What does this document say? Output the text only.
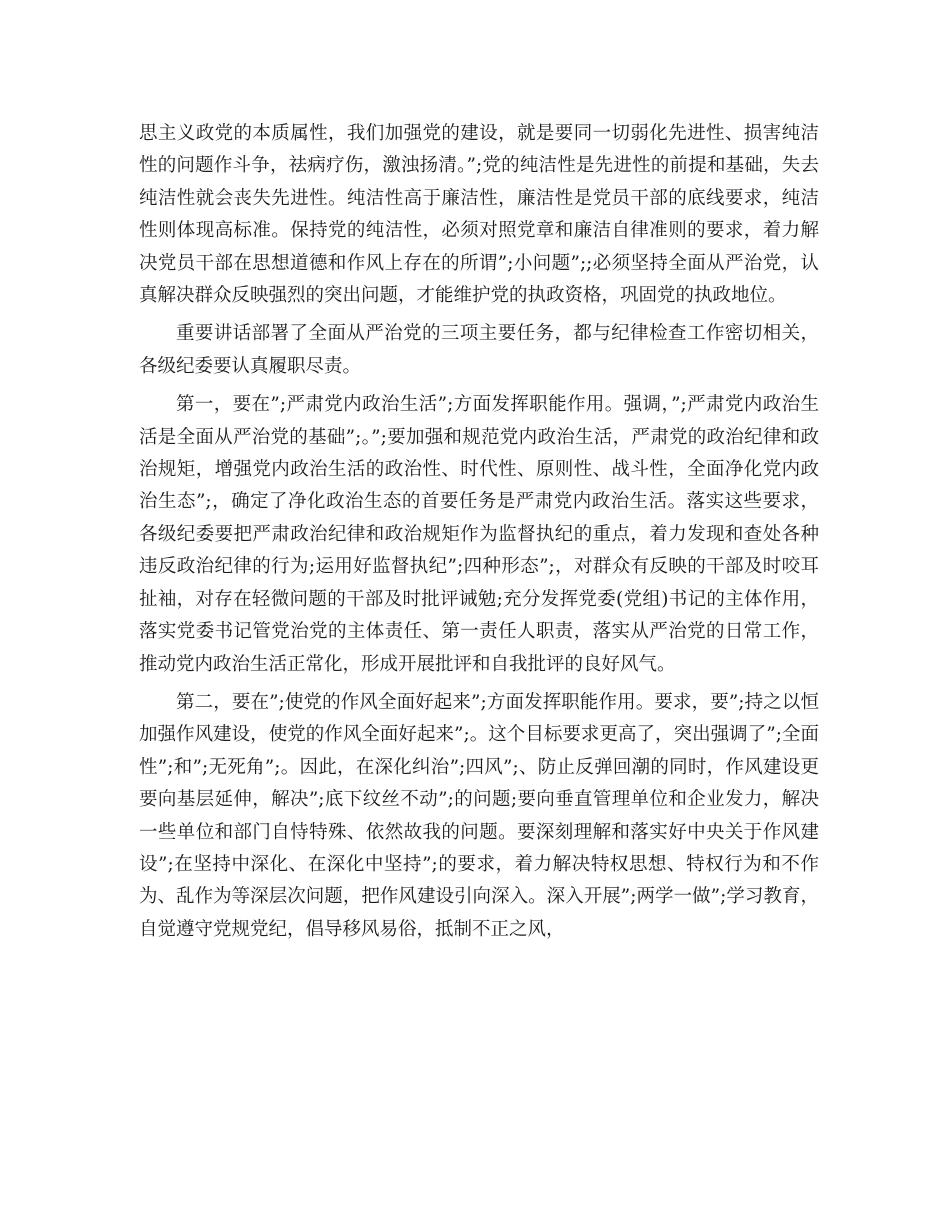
思主义政党的本质属性，我们加强党的建设，就是要同一切弱化先进性、损害纯洁性的问题作斗争，祛病疗伤，激浊扬清。”;党的纯洁性是先进性的前提和基础，失去纯洁性就会丧失先进性。纯洁性高于廉洁性，廉洁性是党员干部的底线要求，纯洁性则体现高标准。保持党的纯洁性，必须对照党章和廉洁自律准则的要求，着力解决党员干部在思想道德和作风上存在的所谓”;小问题”;;必须坚持全面从严治党，认真解决群众反映强烈的突出问题，才能维护党的执政资格，巩固党的执政地位。

重要讲话部署了全面从严治党的三项主要任务，都与纪律检查工作密切相关，各级纪委要认真履职尽责。

第一，要在”;严肃党内政治生活”;方面发挥职能作用。强调，”;严肃党内政治生活是全面从严治党的基础”;。”;要加强和规范党内政治生活，严肃党的政治纪律和政治规矩，增强党内政治生活的政治性、时代性、原则性、战斗性，全面净化党内政治生态”;，确定了净化政治生态的首要任务是严肃党内政治生活。落实这些要求，各级纪委要把严肃政治纪律和政治规矩作为监督执纪的重点，着力发现和查处各种违反政治纪律的行为;运用好监督执纪”;四种形态”;，对群众有反映的干部及时咬耳扯袖，对存在轻微问题的干部及时批评诫勉;充分发挥党委(党组)书记的主体作用，落实党委书记管党治党的主体责任、第一责任人职责，落实从严治党的日常工作，推动党内政治生活正常化，形成开展批评和自我批评的良好风气。

第二，要在”;使党的作风全面好起来”;方面发挥职能作用。要求，要”;持之以恒加强作风建设，使党的作风全面好起来”;。这个目标要求更高了，突出强调了”;全面性”;和”;无死角”;。因此，在深化纠治”;四风”;、防止反弹回潮的同时，作风建设更要向基层延伸，解决”;底下纹丝不动”;的问题;要向垂直管理单位和企业发力，解决一些单位和部门自恃特殊、依然故我的问题。要深刻理解和落实好中央关于作风建设”;在坚持中深化、在深化中坚持”;的要求，着力解决特权思想、特权行为和不作为、乱作为等深层次问题，把作风建设引向深入。深入开展”;两学一做”;学习教育，自觉遵守党规党纪，倡导移风易俗，抵制不正之风，
